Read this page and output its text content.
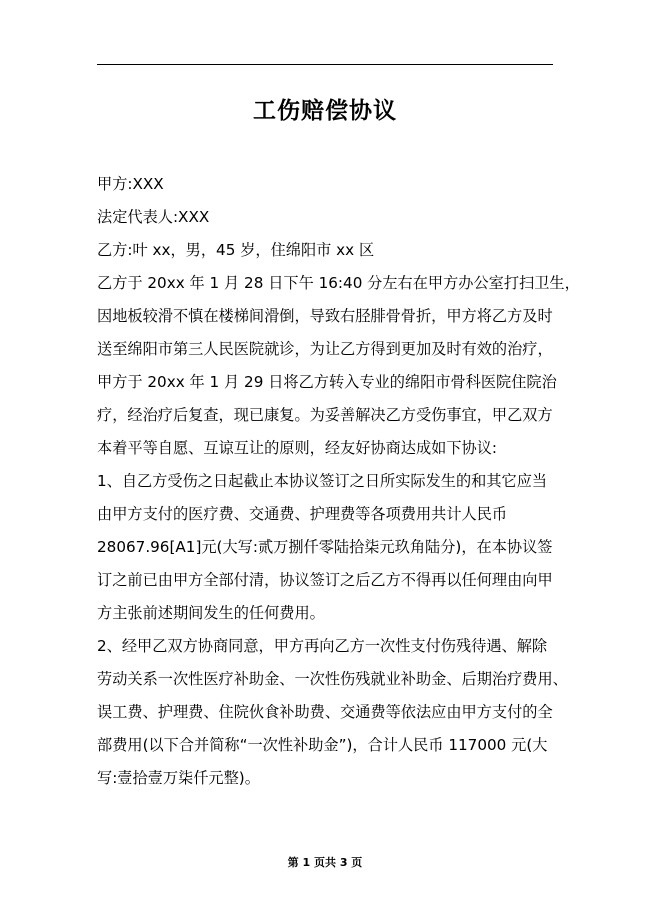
工伤赔偿协议
甲方:XXX
法定代表人:XXX
乙方:叶 xx，男，45 岁，住绵阳市 xx 区
乙方于 20xx 年 1 月 28 日下午 16:40 分左右在甲方办公室打扫卫生，
因地板较滑不慎在楼梯间滑倒，导致右胫腓骨骨折，甲方将乙方及时
送至绵阳市第三人民医院就诊，为让乙方得到更加及时有效的治疗，
甲方于 20xx 年 1 月 29 日将乙方转入专业的绵阳市骨科医院住院治
疗，经治疗后复查，现已康复。为妥善解决乙方受伤事宜，甲乙双方
本着平等自愿、互谅互让的原则，经友好协商达成如下协议:
1、自乙方受伤之日起截止本协议签订之日所实际发生的和其它应当
由甲方支付的医疗费、交通费、护理费等各项费用共计人民币
28067.96[A1]元(大写:贰万捌仟零陆拾柒元玖角陆分)，在本协议签
订之前已由甲方全部付清，协议签订之后乙方不得再以任何理由向甲
方主张前述期间发生的任何费用。
2、经甲乙双方协商同意，甲方再向乙方一次性支付伤残待遇、解除
劳动关系一次性医疗补助金、一次性伤残就业补助金、后期治疗费用、
误工费、护理费、住院伙食补助费、交通费等依法应由甲方支付的全
部费用(以下合并简称“一次性补助金”)，合计人民币 117000 元(大
写:壹拾壹万柒仟元整)。
第 1 页共 3 页
